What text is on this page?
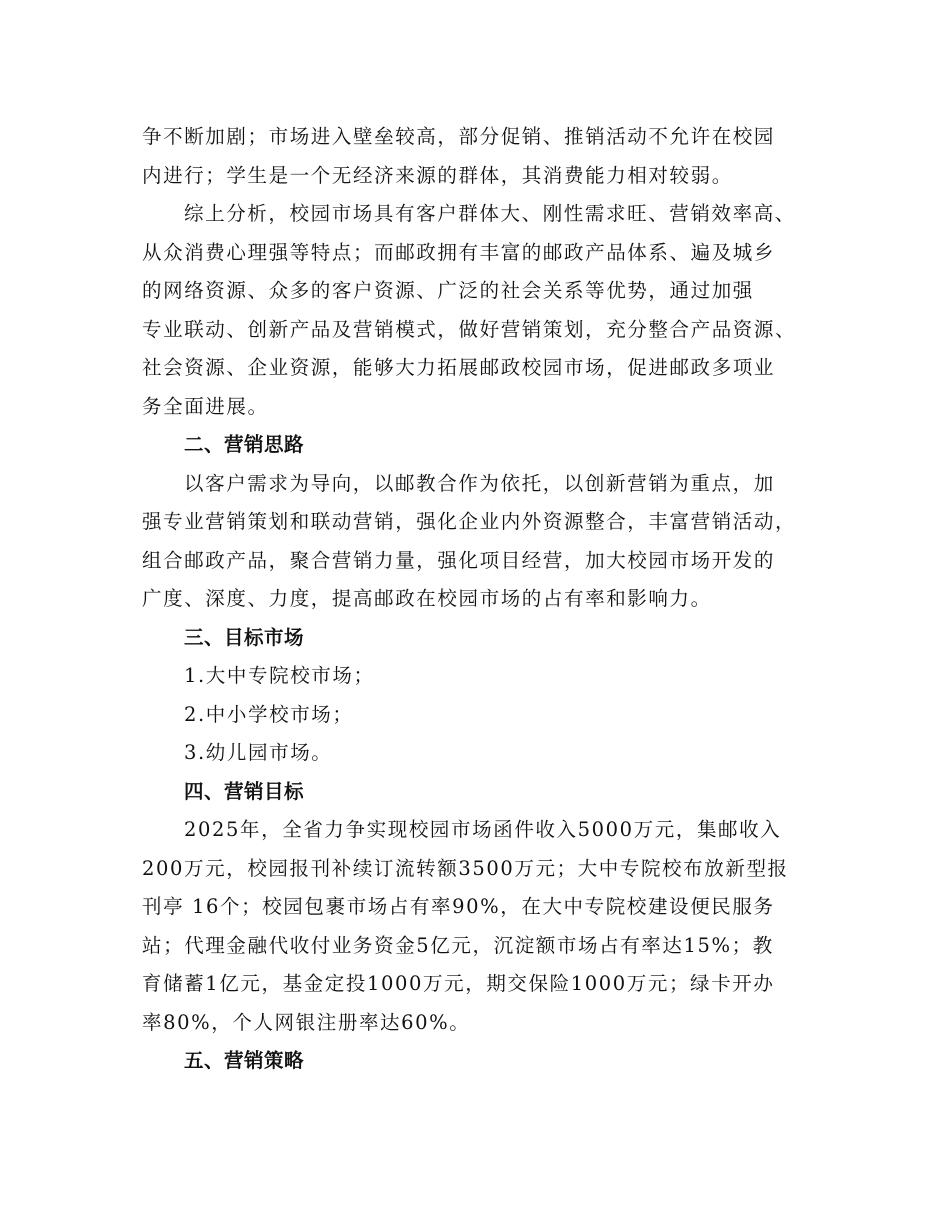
争不断加剧；市场进入壁垒较高，部分促销、推销活动不允许在校园
内进行；学生是一个无经济来源的群体，其消费能力相对较弱。
综上分析，校园市场具有客户群体大、刚性需求旺、营销效率高、
从众消费心理强等特点；而邮政拥有丰富的邮政产品体系、遍及城乡
的网络资源、众多的客户资源、广泛的社会关系等优势，通过加强
专业联动、创新产品及营销模式，做好营销策划，充分整合产品资源、
社会资源、企业资源，能够大力拓展邮政校园市场，促进邮政多项业
务全面进展。
二、营销思路
以客户需求为导向，以邮教合作为依托，以创新营销为重点，加
强专业营销策划和联动营销，强化企业内外资源整合，丰富营销活动，
组合邮政产品，聚合营销力量，强化项目经营，加大校园市场开发的
广度、深度、力度，提高邮政在校园市场的占有率和影响力。
三、目标市场
1.大中专院校市场；
2.中小学校市场；
3.幼儿园市场。
四、营销目标
2025年，全省力争实现校园市场函件收入5000万元，集邮收入
200万元，校园报刊补续订流转额3500万元；大中专院校布放新型报
刊亭 16个；校园包裹市场占有率90%，在大中专院校建设便民服务
站；代理金融代收付业务资金5亿元，沉淀额市场占有率达15%；教
育储蓄1亿元，基金定投1000万元，期交保险1000万元；绿卡开办
率80%，个人网银注册率达60%。
五、营销策略
